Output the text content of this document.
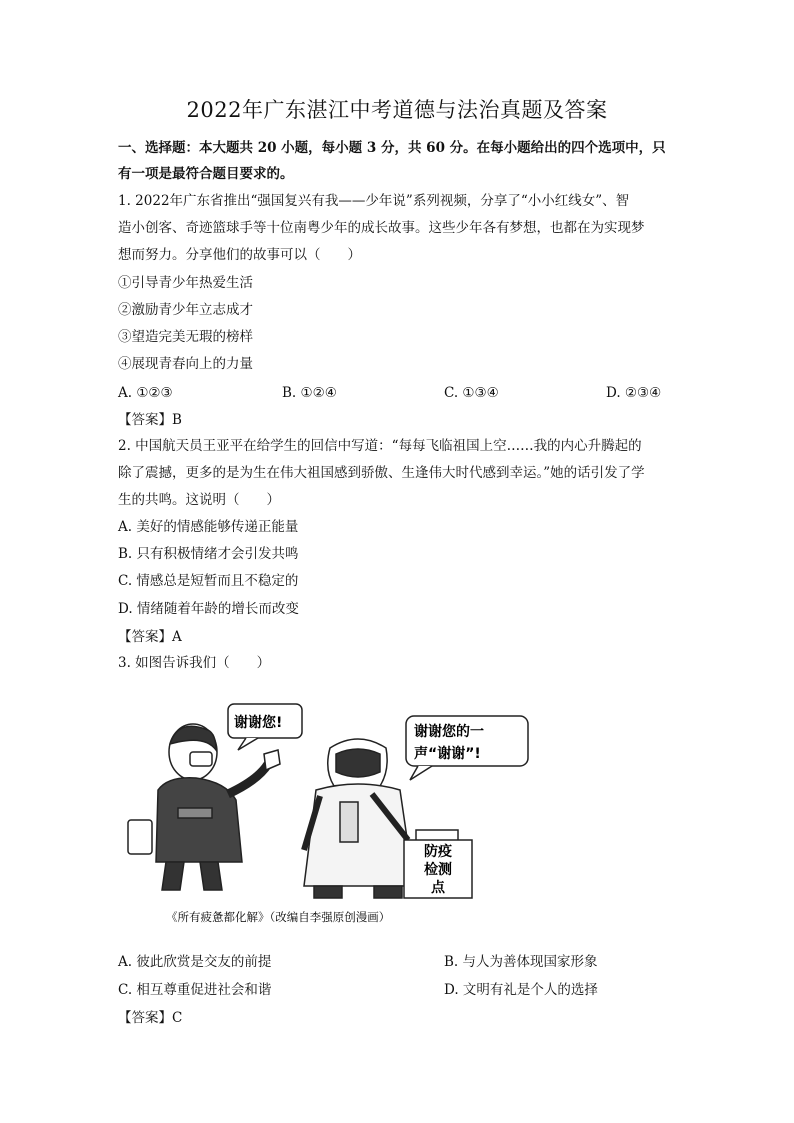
2022年广东湛江中考道德与法治真题及答案
一、选择题：本大题共 20 小题，每小题 3 分，共 60 分。在每小题给出的四个选项中，只
有一项是最符合题目要求的。
1. 2022年广东省推出“强国复兴有我——少年说”系列视频，分享了“小小红线女”、智
造小创客、奇迹篮球手等十位南粤少年的成长故事。这些少年各有梦想，也都在为实现梦
想而努力。分享他们的故事可以（　　）
①引导青少年热爱生活
②激励青少年立志成才
③望造完美无瑕的榜样
④展现青春向上的力量
A. ①②③	B. ①②④	C. ①③④	D. ②③④
【答案】B
2. 中国航天员王亚平在给学生的回信中写道：“每每飞临祖国上空……我的内心升腾起的
除了震撼，更多的是为生在伟大祖国感到骄傲、生逢伟大时代感到幸运。”她的话引发了学
生的共鸣。这说明（　　）
A. 美好的情感能够传递正能量
B. 只有积极情绪才会引发共鸣
C. 情感总是短暂而且不稳定的
D. 情绪随着年龄的增长而改变
【答案】A
3. 如图告诉我们（　　）
谢谢您!
谢谢您的一
声“谢谢”!
防疫
检测
点
《所有疲惫都化解》（改编自李强原创漫画）
A. 彼此欣赏是交友的前提	B. 与人为善体现国家形象
C. 相互尊重促进社会和谐	D. 文明有礼是个人的选择
【答案】C
